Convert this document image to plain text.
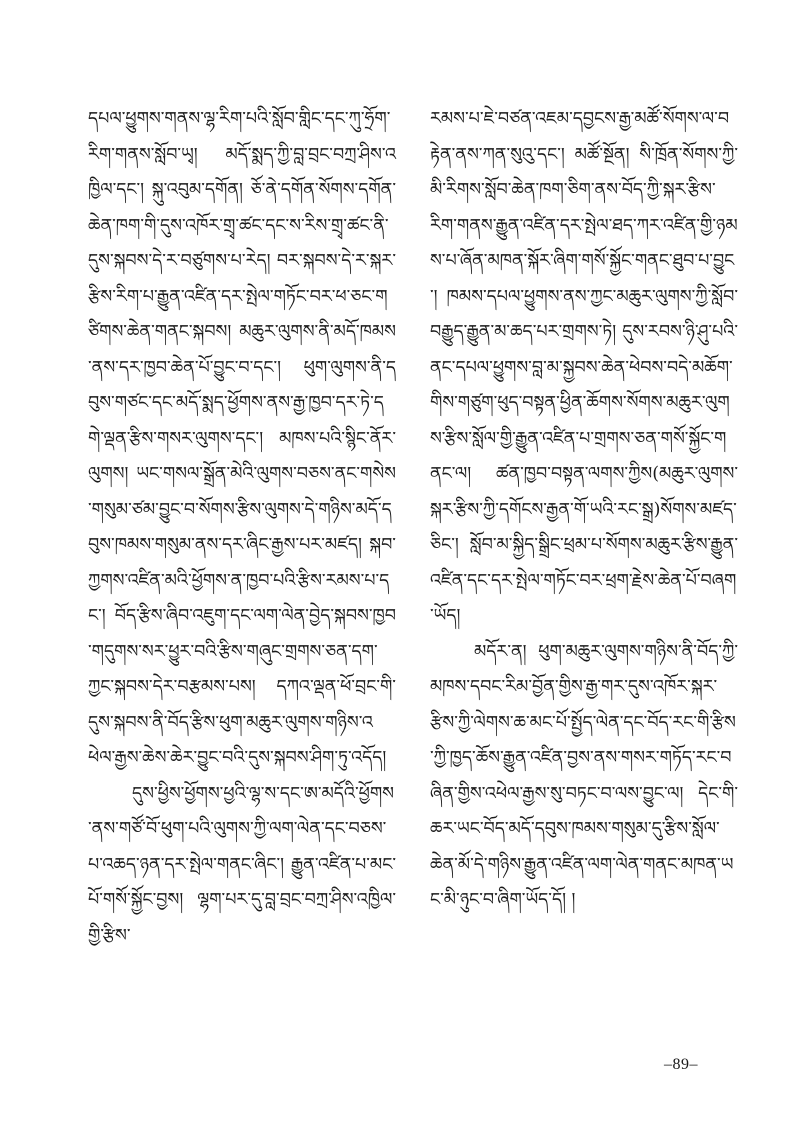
དཔལ་ཕྱུགས་གནས་ལྷ་རིག་པའི་སློབ་གླིང་དང་ཀུ་ཧྲོག་རིག་གནས་སློབ་ཡྭ། མདོ་སྨད་ཀྱི་བླ་བྲང་བཀྲ་ཤིས་འཁྱིལ་དང་། སྐུ་འབུམ་དགོན། ཅོ་ནེ་དགོན་སོགས་དགོན་ཆེན་ཁག་གི་དུས་འཁོར་གྲྭ་ཚང་དང་ས་རིས་གྲྭ་ཚང་ནི་དུས་སྐབས་དེ་ར་བཙུགས་པ་རེད། བར་སྐབས་དེ་ར་སྐར་རྩིས་རིག་པ་རྒྱུན་འཛིན་དར་སྤེལ་གཏོང་བར་ཕ་ཅང་གཙིགས་ཆེན་གནང་སྐབས། མཆུར་ལུགས་ནི་མདོ་ཁམས་ནས་དར་ཁྱབ་ཆེན་པོ་བྱུང་བ་དང་། ཕུག་ལུགས་ནི་དབུས་གཙང་དང་མདོ་སྨད་ཕྱོགས་ནས་རྒྱ་ཁྱབ་དར་ཏེ་དགེ་ལྡན་རྩིས་གསར་ལུགས་དང་། མཁས་པའི་སྙིང་ནོར་ལུགས། ཡང་གསལ་སྒྲོན་མེའི་ལུགས་བཅས་ནང་གསེས་གསུམ་ཙམ་བྱུང་བ་སོགས་རྩིས་ལུགས་དེ་གཉིས་མདོ་དབུས་ཁམས་གསུམ་ནས་དར་ཞིང་རྒྱས་པར་མཛད། སྐབ་ཀྱགས་འཛིན་མའི་ཕྱོགས་ན་ཁྱབ་པའི་རྩིས་རམས་པ་དང་། བོད་རྩིས་ཞིབ་འཇུག་དང་ལག་ལེན་བྱེད་སྐབས་ཁྱབ་གདུགས་སར་ཕྱུར་བའི་རྩིས་གཞུང་གྲགས་ཅན་དག་ཀྱང་སྐབས་དེར་བརྩམས་པས། དཀའ་ལྡན་ཕོ་བྲང་གི་དུས་སྐབས་ནི་བོད་རྩིས་ཕུག་མཆུར་ལུགས་གཉིས་འཕེལ་རྒྱས་ཆེས་ཆེར་བྱུང་བའི་དུས་སྐབས་ཤིག་ཏུ་འདོད།

དུས་ཕྱིས་ཕྱོགས་ཕྱའི་ལྷ་ས་དང་ཨ་མདོའི་ཕྱོགས་ནས་གཙོ་བོ་ཕུག་པའི་ལུགས་ཀྱི་ལག་ལེན་དང་བཅས་པ་འཆད་ཉན་དར་སྤེལ་གནང་ཞིང་། རྒྱུན་འཛིན་པ་མང་པོ་གསོ་སྐྱོང་བྱས། ལྷག་པར་དུ་བླ་བྲང་བཀྲ་ཤིས་འཁྱིལ་གྱི་རྩིས་

རམས་པ་ཇེ་བཙན་འཇམ་དབྱངས་རྒྱ་མཚོ་སོགས་ལ་བརྟེན་ནས་ཀན་སུའུ་དང་། མཚོ་སྔོན། སི་ཁྲོན་སོགས་ཀྱི་མི་རིགས་སློབ་ཆེན་ཁག་ཅིག་ནས་བོད་ཀྱི་སྐར་རྩིས་རིག་གནས་རྒྱུན་འཛིན་དར་སྤེལ་ཐད་ཀར་འཛིན་གྱི་ཉམས་པ་ཞོན་མཁན་སྐོར་ཞིག་གསོ་སྐྱོང་གནང་ཐུབ་པ་བྱུང་། ཁམས་དཔལ་ཕྱུགས་ནས་ཀྱང་མཆུར་ལུགས་ཀྱི་སློབ་བརྒྱུད་རྒྱུན་མ་ཆད་པར་གྲགས་ཏེ། དུས་རབས་ཉི་ཤུ་པའི་ནང་དཔལ་ཕྱུགས་བླ་མ་སྐྱབས་ཆེན་ཕེབས་བདེ་མཆོག་གིས་གཙུག་ཕུད་བསྟན་ཕྱིན་ཆོགས་སོགས་མཆུར་ལུགས་རྩིས་སློལ་གྱི་རྒྱུན་འཛིན་པ་གྲགས་ཅན་གསོ་སྐྱོང་གནང་ལ། ཚན་ཁྱབ་བསྟན་ལགས་ཀྱིས(མཆུར་ལུགས་སྐར་རྩིས་ཀྱི་དགོངས་རྒྱན་གོ་ཡའི་རང་སྒྲ)སོགས་མཛད་ཅིང་། སློབ་མ་སྐྱིད་སྒྲིང་ཕྲམ་པ་སོགས་མཆུར་རྩིས་རྒྱུན་འཛིན་དང་དར་སྤེལ་གཏོང་བར་ཕྲག་རྗེས་ཆེན་པོ་བཞག་ཡོད།

མདོར་ན། ཕུག་མཆུར་ལུགས་གཉིས་ནི་བོད་ཀྱི་མཁས་དབང་རིམ་བྱོན་གྱིས་རྒྱ་གར་དུས་འཁོར་སྐར་རྩིས་ཀྱི་ལེགས་ཆ་མང་པོ་སྤྱོད་ལེན་དང་བོད་རང་གི་རྩིས་ཀྱི་ཁྱད་ཆོས་རྒྱུན་འཛིན་བྱས་ནས་གསར་གཏོད་རང་བཞིན་གྱིས་འཕེལ་རྒྱས་སུ་བཏང་བ་ལས་བྱུང་ལ། དེང་གི་ཆར་ཡང་བོད་མདོ་དབུས་ཁམས་གསུམ་དུ་རྩིས་སློལ་ཆེན་མོ་དེ་གཉིས་རྒྱུན་འཛིན་ལག་ལེན་གནང་མཁན་ཡང་མི་ཉུང་བ་ཞིག་ཡོད་དོ། །

–89–
